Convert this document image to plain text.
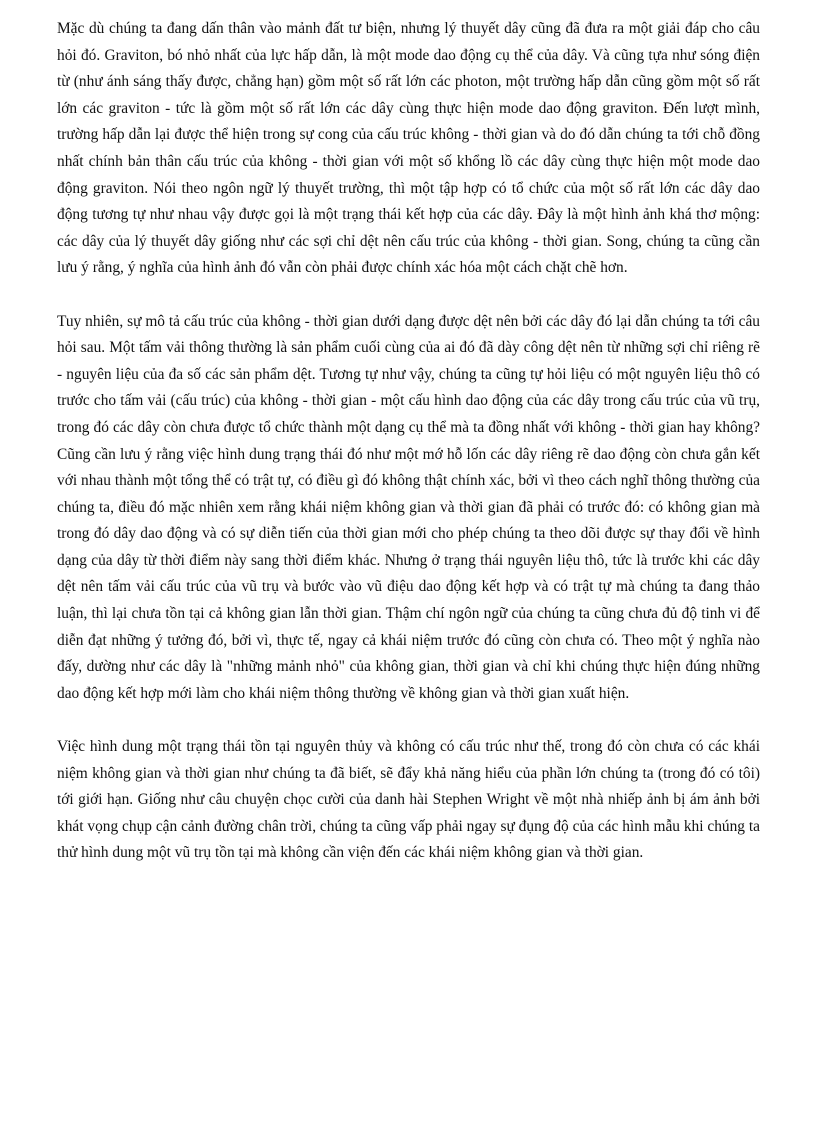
Mặc dù chúng ta đang dấn thân vào mảnh đất tư biện, nhưng lý thuyết dây cũng đã đưa ra một giải đáp cho câu hỏi đó. Graviton, bó nhỏ nhất của lực hấp dẫn, là một mode dao động cụ thể của dây. Và cũng tựa như sóng điện từ (như ánh sáng thấy được, chẳng hạn) gồm một số rất lớn các photon, một trường hấp dẫn cũng gồm một số rất lớn các graviton - tức là gồm một số rất lớn các dây cùng thực hiện mode dao động graviton. Đến lượt mình, trường hấp dẫn lại được thể hiện trong sự cong của cấu trúc không - thời gian và do đó dẫn chúng ta tới chỗ đồng nhất chính bản thân cấu trúc của không - thời gian với một số khổng lồ các dây cùng thực hiện một mode dao động graviton. Nói theo ngôn ngữ lý thuyết trường, thì một tập hợp có tổ chức của một số rất lớn các dây dao động tương tự như nhau vậy được gọi là một trạng thái kết hợp của các dây. Đây là một hình ảnh khá thơ mộng: các dây của lý thuyết dây giống như các sợi chỉ dệt nên cấu trúc của không - thời gian. Song, chúng ta cũng cần lưu ý rằng, ý nghĩa của hình ảnh đó vẫn còn phải được chính xác hóa một cách chặt chẽ hơn.

Tuy nhiên, sự mô tả cấu trúc của không - thời gian dưới dạng được dệt nên bởi các dây đó lại dẫn chúng ta tới câu hỏi sau. Một tấm vải thông thường là sản phẩm cuối cùng của ai đó đã dày công dệt nên từ những sợi chỉ riêng rẽ - nguyên liệu của đa số các sản phẩm dệt. Tương tự như vậy, chúng ta cũng tự hỏi liệu có một nguyên liệu thô có trước cho tấm vải (cấu trúc) của không - thời gian - một cấu hình dao động của các dây trong cấu trúc của vũ trụ, trong đó các dây còn chưa được tổ chức thành một dạng cụ thể mà ta đồng nhất với không - thời gian hay không? Cũng cần lưu ý rằng việc hình dung trạng thái đó như một mớ hỗ lốn các dây riêng rẽ dao động còn chưa gắn kết với nhau thành một tổng thể có trật tự, có điều gì đó không thật chính xác, bởi vì theo cách nghĩ thông thường của chúng ta, điều đó mặc nhiên xem rằng khái niệm không gian và thời gian đã phải có trước đó: có không gian mà trong đó dây dao động và có sự diễn tiến của thời gian mới cho phép chúng ta theo dõi được sự thay đổi về hình dạng của dây từ thời điểm này sang thời điểm khác. Nhưng ở trạng thái nguyên liệu thô, tức là trước khi các dây dệt nên tấm vải cấu trúc của vũ trụ và bước vào vũ điệu dao động kết hợp và có trật tự mà chúng ta đang thảo luận, thì lại chưa tồn tại cả không gian lẫn thời gian. Thậm chí ngôn ngữ của chúng ta cũng chưa đủ độ tinh vi để diễn đạt những ý tưởng đó, bởi vì, thực tế, ngay cả khái niệm trước đó cũng còn chưa có. Theo một ý nghĩa nào đấy, dường như các dây là "những mảnh nhỏ" của không gian, thời gian và chỉ khi chúng thực hiện đúng những dao động kết hợp mới làm cho khái niệm thông thường về không gian và thời gian xuất hiện.

Việc hình dung một trạng thái tồn tại nguyên thủy và không có cấu trúc như thế, trong đó còn chưa có các khái niệm không gian và thời gian như chúng ta đã biết, sẽ đẩy khả năng hiểu của phần lớn chúng ta (trong đó có tôi) tới giới hạn. Giống như câu chuyện chọc cười của danh hài Stephen Wright về một nhà nhiếp ảnh bị ám ảnh bởi khát vọng chụp cận cảnh đường chân trời, chúng ta cũng vấp phải ngay sự đụng độ của các hình mẫu khi chúng ta thử hình dung một vũ trụ tồn tại mà không cần viện đến các khái niệm không gian và thời gian.
